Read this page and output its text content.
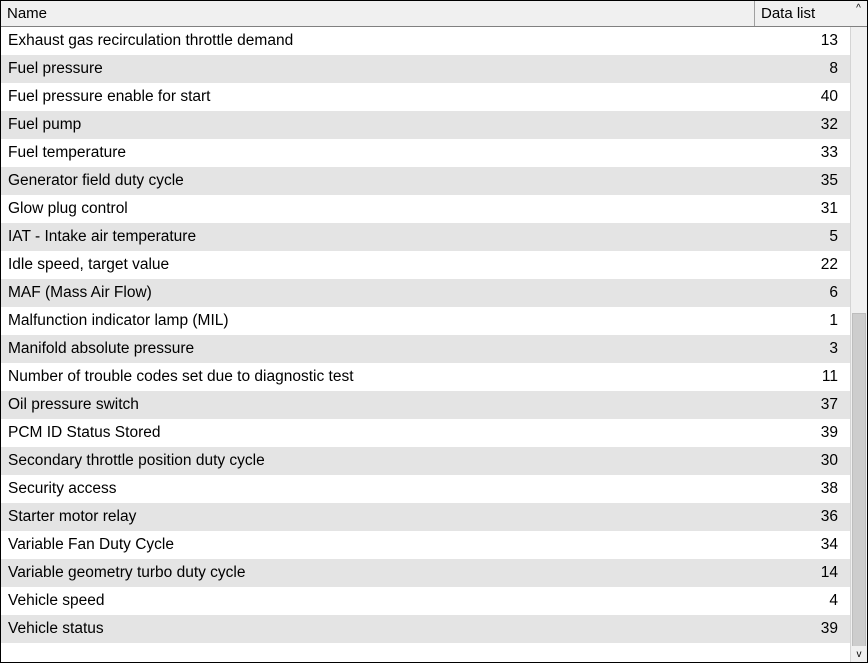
Name	Data list	^
Exhaust gas recirculation throttle demand	13
Fuel pressure	8
Fuel pressure enable for start	40
Fuel pump	32
Fuel temperature	33
Generator field duty cycle	35
Glow plug control	31
IAT - Intake air temperature	5
Idle speed, target value	22
MAF (Mass Air Flow)	6
Malfunction indicator lamp (MIL)	1
Manifold absolute pressure	3
Number of trouble codes set due to diagnostic test	11
Oil pressure switch	37
PCM ID Status Stored	39
Secondary throttle position duty cycle	30
Security access	38
Starter motor relay	36
Variable Fan Duty Cycle	34
Variable geometry turbo duty cycle	14
Vehicle speed	4
Vehicle status	39
v
